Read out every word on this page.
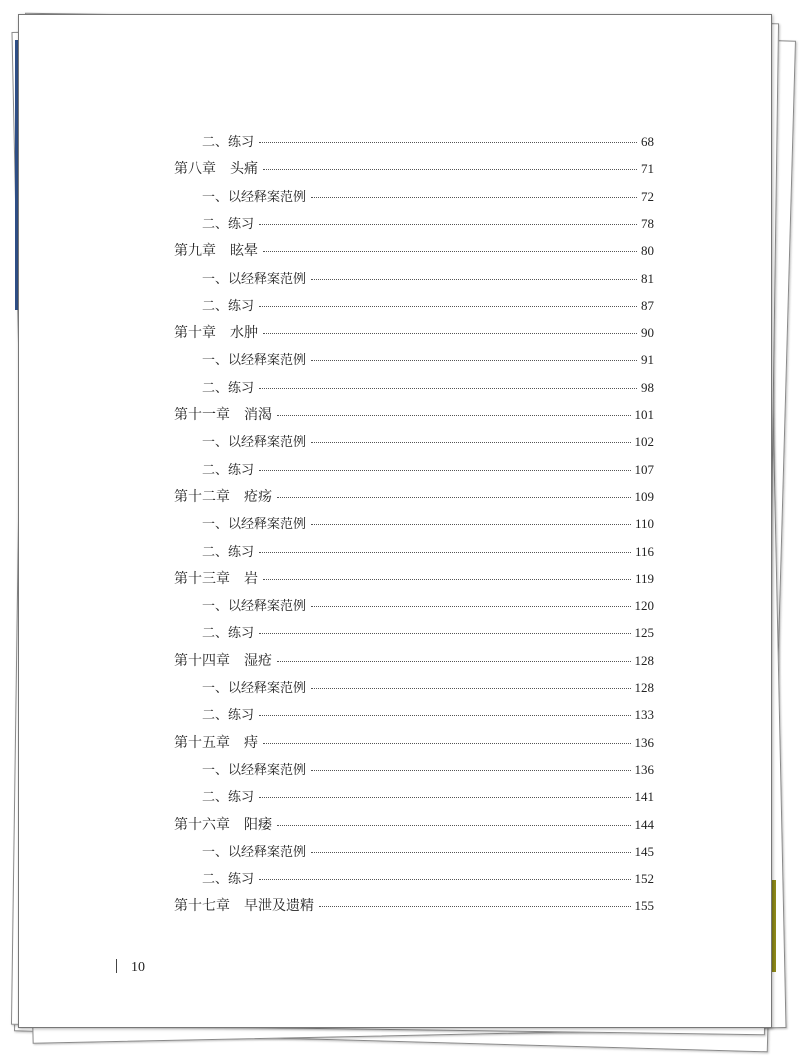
二、练习	68
第八章 头痛	71
一、以经释案范例	72
二、练习	78
第九章 眩晕	80
一、以经释案范例	81
二、练习	87
第十章 水肿	90
一、以经释案范例	91
二、练习	98
第十一章 消渴	101
一、以经释案范例	102
二、练习	107
第十二章 疮疡	109
一、以经释案范例	110
二、练习	116
第十三章 岩	119
一、以经释案范例	120
二、练习	125
第十四章 湿疮	128
一、以经释案范例	128
二、练习	133
第十五章 痔	136
一、以经释案范例	136
二、练习	141
第十六章 阳痿	144
一、以经释案范例	145
二、练习	152
第十七章 早泄及遗精	155
10
